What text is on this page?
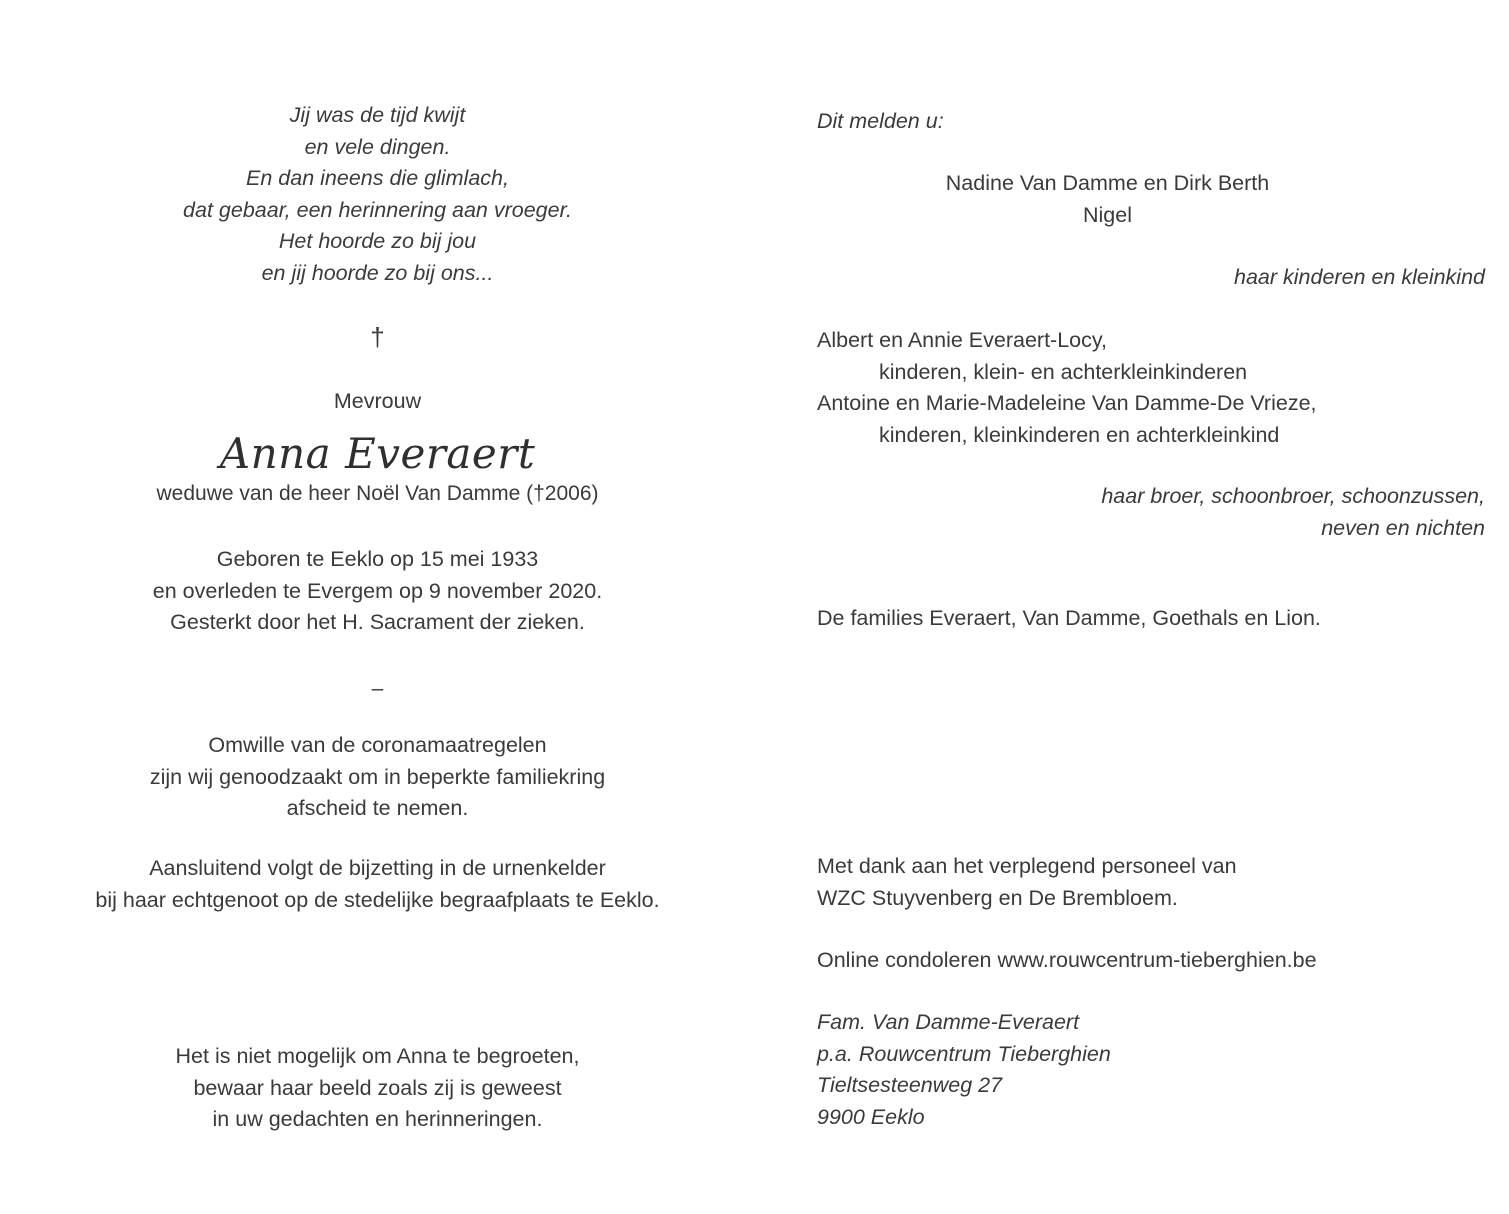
Jij was de tijd kwijt
en vele dingen.
En dan ineens die glimlach,
dat gebaar, een herinnering aan vroeger.
Het hoorde zo bij jou
en jij hoorde zo bij ons...
†
Mevrouw
Anna Everaert
weduwe van de heer Noël Van Damme (†2006)
Geboren te Eeklo op 15 mei 1933
en overleden te Evergem op 9 november 2020.
Gesterkt door het H. Sacrament der zieken.
–
Omwille van de coronamaatregelen
zijn wij genoodzaakt om in beperkte familiekring
afscheid te nemen.
Aansluitend volgt de bijzetting in de urnenkelder
bij haar echtgenoot op de stedelijke begraafplaats te Eeklo.
Het is niet mogelijk om Anna te begroeten,
bewaar haar beeld zoals zij is geweest
in uw gedachten en herinneringen.
Dit melden u:
Nadine Van Damme en Dirk Berth
Nigel
haar kinderen en kleinkind
Albert en Annie Everaert-Locy,
kinderen, klein- en achterkleinkinderen
Antoine en Marie-Madeleine Van Damme-De Vrieze,
kinderen, kleinkinderen en achterkleinkind
haar broer, schoonbroer, schoonzussen,
neven en nichten
De families Everaert, Van Damme, Goethals en Lion.
Met dank aan het verplegend personeel van
WZC Stuyvenberg en De Brembloem.
Online condoleren www.rouwcentrum-tieberghien.be
Fam. Van Damme-Everaert
p.a. Rouwcentrum Tieberghien
Tieltsesteenweg 27
9900 Eeklo
